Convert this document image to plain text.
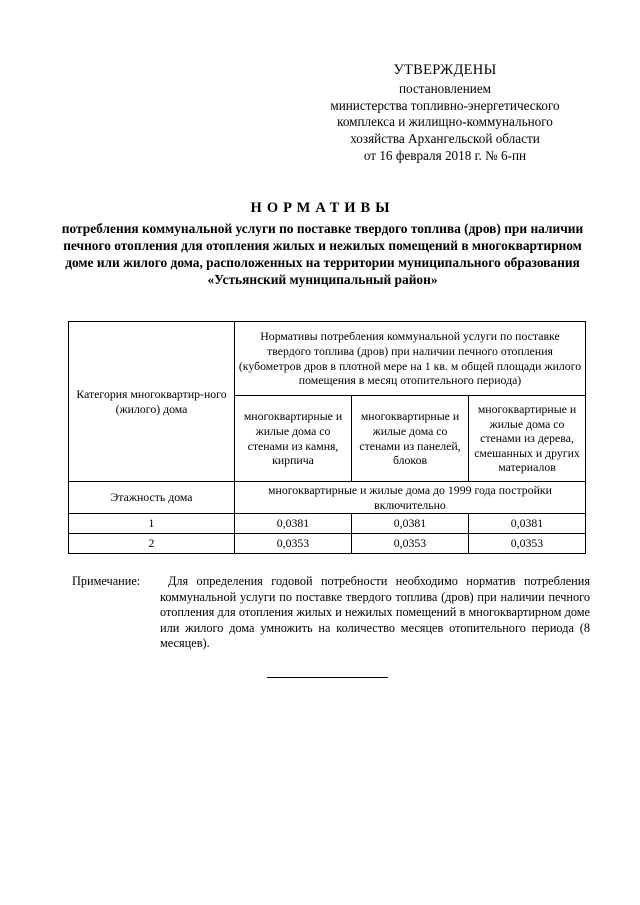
УТВЕРЖДЕНЫ
постановлением
министерства топливно-энергетического
комплекса и жилищно-коммунального
хозяйства Архангельской области
от 16 февраля 2018 г. № 6-пн
НОРМАТИВЫ
потребления коммунальной услуги по поставке твердого топлива (дров) при наличии печного отопления для отопления жилых и нежилых помещений в многоквартирном доме или жилого дома, расположенных на территории муниципального образования «Устьянский муниципальный район»
Категория многоквартир-ного (жилого) дома	Нормативы потребления коммунальной услуги по поставке твердого топлива (дров) при наличии печного отопления (кубометров дров в плотной мере на 1 кв. м общей площади жилого помещения в месяц отопительного периода)		
	многоквартирные и жилые дома со стенами из камня, кирпича	многоквартирные и жилые дома со стенами из панелей, блоков	многоквартирные и жилые дома со стенами из дерева, смешанных и других материалов
Этажность дома	многоквартирные и жилые дома до 1999 года постройки включительно		
1	0,0381	0,0381	0,0381
2	0,0353	0,0353	0,0353
Примечание:	Для определения годовой потребности необходимо норматив потребления коммунальной услуги по поставке твердого топлива (дров) при наличии печного отопления для отопления жилых и нежилых помещений в многоквартирном доме или жилого дома умножить на количество месяцев отопительного периода (8 месяцев).
